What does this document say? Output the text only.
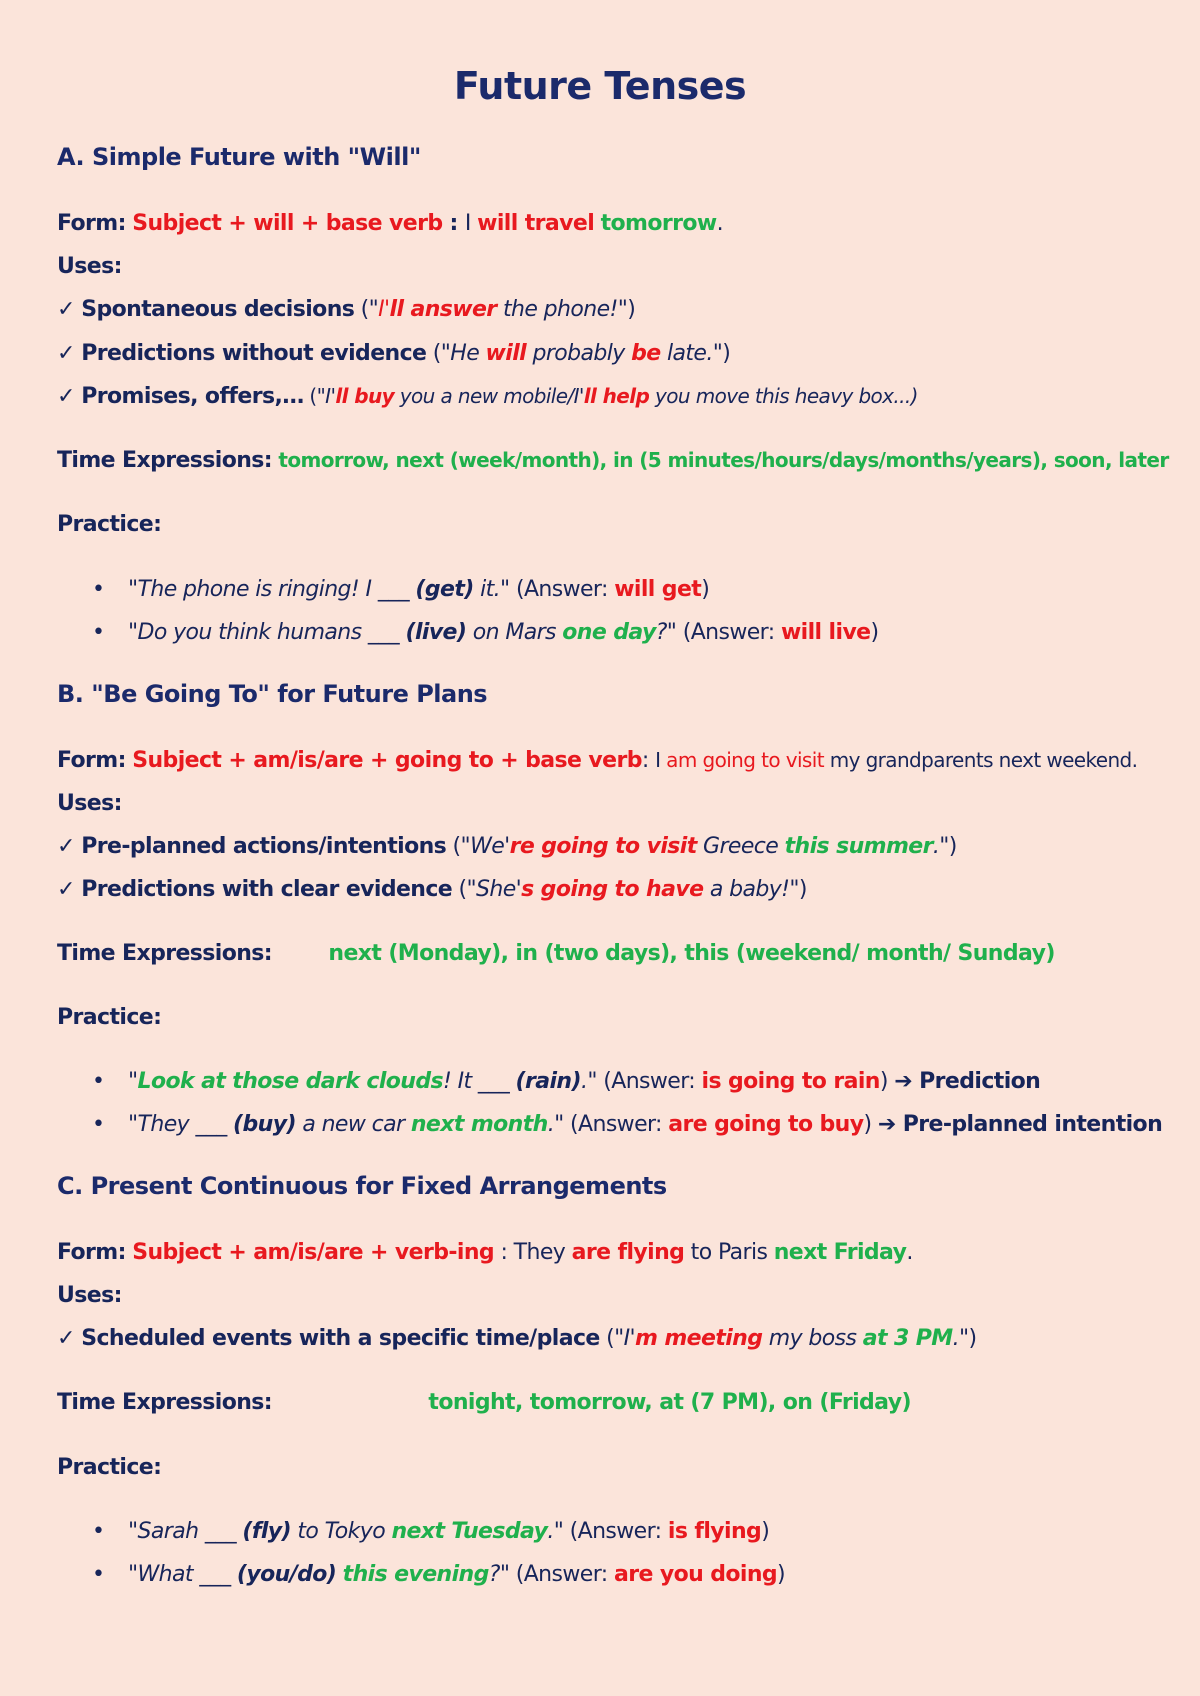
Future Tenses
A. Simple Future with "Will"
Form: Subject + will + base verb : I will travel tomorrow.
Uses:
✓ Spontaneous decisions ("I'll answer the phone!")
✓ Predictions without evidence ("He will probably be late.")
✓ Promises, offers,… ("I'll buy you a new mobile/I'll help you move this heavy box...)
Time Expressions: tomorrow, next (week/month), in (5 minutes/hours/days/months/years), soon, later
Practice:
• "The phone is ringing! I ___ (get) it." (Answer: will get)
• "Do you think humans ___ (live) on Mars one day?" (Answer: will live)
B. "Be Going To" for Future Plans
Form: Subject + am/is/are + going to + base verb: I am going to visit my grandparents next weekend.
Uses:
✓ Pre-planned actions/intentions ("We're going to visit Greece this summer.")
✓ Predictions with clear evidence ("She's going to have a baby!")
Time Expressions:	next (Monday), in (two days), this (weekend/ month/ Sunday)
Practice:
• "Look at those dark clouds! It ___ (rain)." (Answer: is going to rain) ➔ Prediction
• "They ___ (buy) a new car next month." (Answer: are going to buy) ➔ Pre-planned intention
C. Present Continuous for Fixed Arrangements
Form: Subject + am/is/are + verb-ing : They are flying to Paris next Friday.
Uses:
✓ Scheduled events with a specific time/place ("I'm meeting my boss at 3 PM.")
Time Expressions:	tonight, tomorrow, at (7 PM), on (Friday)
Practice:
• "Sarah ___ (fly) to Tokyo next Tuesday." (Answer: is flying)
• "What ___ (you/do) this evening?" (Answer: are you doing)
